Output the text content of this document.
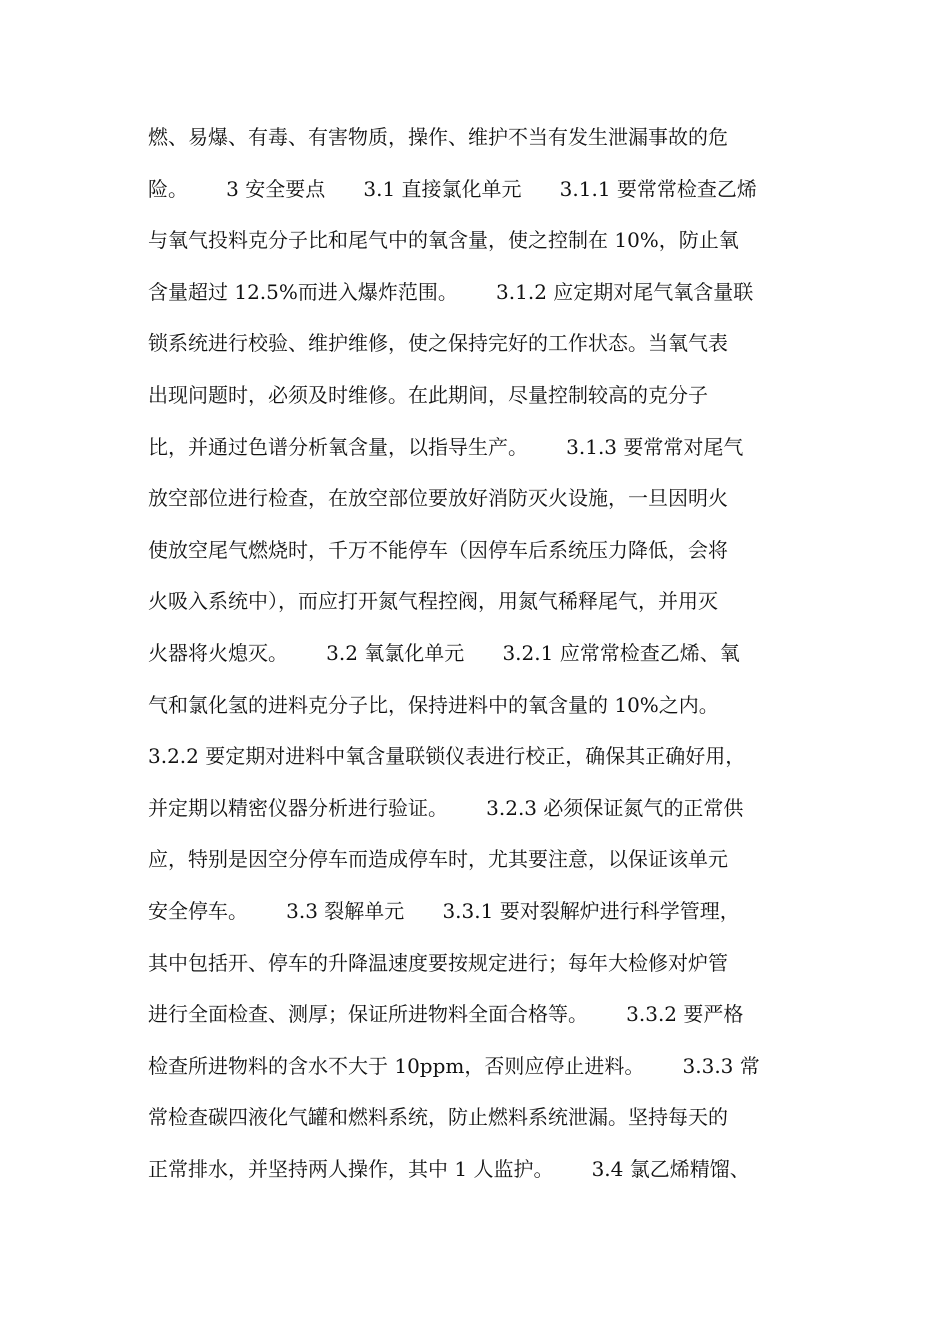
燃、易爆、有毒、有害物质，操作、维护不当有发生泄漏事故的危
险。      3 安全要点      3.1 直接氯化单元      3.1.1 要常常检查乙烯
与氧气投料克分子比和尾气中的氧含量，使之控制在 10%，防止氧
含量超过 12.5%而进入爆炸范围。      3.1.2 应定期对尾气氧含量联
锁系统进行校验、维护维修，使之保持完好的工作状态。当氧气表
出现问题时，必须及时维修。在此期间，尽量控制较高的克分子
比，并通过色谱分析氧含量，以指导生产。      3.1.3 要常常对尾气
放空部位进行检查，在放空部位要放好消防灭火设施，一旦因明火
使放空尾气燃烧时，千万不能停车（因停车后系统压力降低，会将
火吸入系统中），而应打开氮气程控阀，用氮气稀释尾气，并用灭
火器将火熄灭。      3.2 氧氯化单元      3.2.1 应常常检查乙烯、氧
气和氯化氢的进料克分子比，保持进料中的氧含量的 10%之内。
3.2.2 要定期对进料中氧含量联锁仪表进行校正，确保其正确好用，
并定期以精密仪器分析进行验证。      3.2.3 必须保证氮气的正常供
应，特别是因空分停车而造成停车时，尤其要注意，以保证该单元
安全停车。      3.3 裂解单元      3.3.1 要对裂解炉进行科学管理，
其中包括开、停车的升降温速度要按规定进行；每年大检修对炉管
进行全面检查、测厚；保证所进物料全面合格等。      3.3.2 要严格
检查所进物料的含水不大于 10ppm，否则应停止进料。      3.3.3 常
常检查碳四液化气罐和燃料系统，防止燃料系统泄漏。坚持每天的
正常排水，并坚持两人操作，其中 1 人监护。      3.4 氯乙烯精馏、
